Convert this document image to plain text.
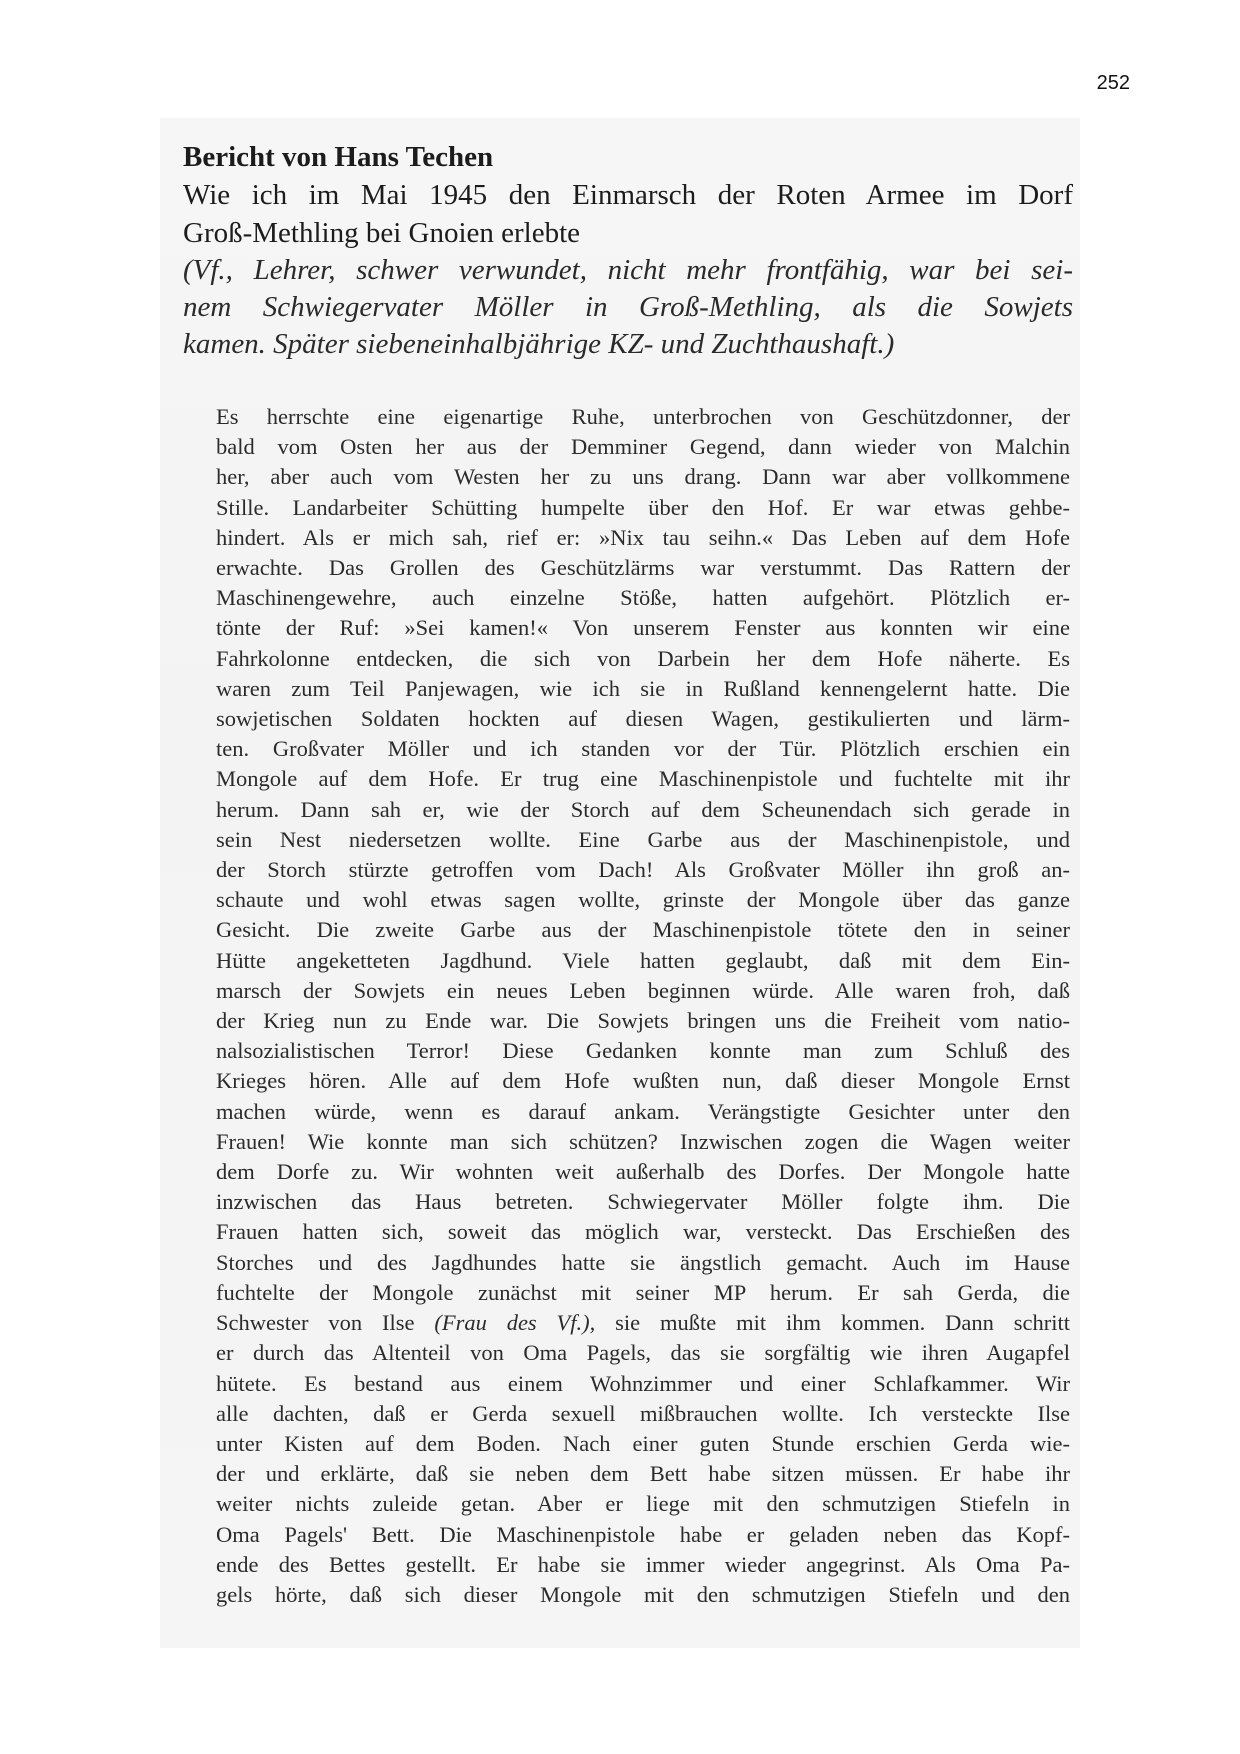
252

Bericht von Hans Techen

Wie ich im Mai 1945 den Einmarsch der Roten Armee im Dorf
Groß-Methling bei Gnoien erlebte

(Vf., Lehrer, schwer verwundet, nicht mehr frontfähig, war bei sei-
nem Schwiegervater Möller in Groß-Methling, als die Sowjets
kamen. Später siebeneinhalbjährige KZ- und Zuchthaushaft.)

Es herrschte eine eigenartige Ruhe, unterbrochen von Geschützdonner, der
bald vom Osten her aus der Demminer Gegend, dann wieder von Malchin
her, aber auch vom Westen her zu uns drang. Dann war aber vollkommene
Stille. Landarbeiter Schütting humpelte über den Hof. Er war etwas gehbe-
hindert. Als er mich sah, rief er: »Nix tau seihn.« Das Leben auf dem Hofe
erwachte. Das Grollen des Geschützlärms war verstummt. Das Rattern der
Maschinengewehre, auch einzelne Stöße, hatten aufgehört. Plötzlich er-
tönte der Ruf: »Sei kamen!« Von unserem Fenster aus konnten wir eine
Fahrkolonne entdecken, die sich von Darbein her dem Hofe näherte. Es
waren zum Teil Panjewagen, wie ich sie in Rußland kennengelernt hatte. Die
sowjetischen Soldaten hockten auf diesen Wagen, gestikulierten und lärm-
ten. Großvater Möller und ich standen vor der Tür. Plötzlich erschien ein
Mongole auf dem Hofe. Er trug eine Maschinenpistole und fuchtelte mit ihr
herum. Dann sah er, wie der Storch auf dem Scheunendach sich gerade in
sein Nest niedersetzen wollte. Eine Garbe aus der Maschinenpistole, und
der Storch stürzte getroffen vom Dach! Als Großvater Möller ihn groß an-
schaute und wohl etwas sagen wollte, grinste der Mongole über das ganze
Gesicht. Die zweite Garbe aus der Maschinenpistole tötete den in seiner
Hütte angeketteten Jagdhund. Viele hatten geglaubt, daß mit dem Ein-
marsch der Sowjets ein neues Leben beginnen würde. Alle waren froh, daß
der Krieg nun zu Ende war. Die Sowjets bringen uns die Freiheit vom natio-
nalsozialistischen Terror! Diese Gedanken konnte man zum Schluß des
Krieges hören. Alle auf dem Hofe wußten nun, daß dieser Mongole Ernst
machen würde, wenn es darauf ankam. Verängstigte Gesichter unter den
Frauen! Wie konnte man sich schützen? Inzwischen zogen die Wagen weiter
dem Dorfe zu. Wir wohnten weit außerhalb des Dorfes. Der Mongole hatte
inzwischen das Haus betreten. Schwiegervater Möller folgte ihm. Die
Frauen hatten sich, soweit das möglich war, versteckt. Das Erschießen des
Storches und des Jagdhundes hatte sie ängstlich gemacht. Auch im Hause
fuchtelte der Mongole zunächst mit seiner MP herum. Er sah Gerda, die
Schwester von Ilse (Frau des Vf.), sie mußte mit ihm kommen. Dann schritt
er durch das Altenteil von Oma Pagels, das sie sorgfältig wie ihren Augapfel
hütete. Es bestand aus einem Wohnzimmer und einer Schlafkammer. Wir
alle dachten, daß er Gerda sexuell mißbrauchen wollte. Ich versteckte Ilse
unter Kisten auf dem Boden. Nach einer guten Stunde erschien Gerda wie-
der und erklärte, daß sie neben dem Bett habe sitzen müssen. Er habe ihr
weiter nichts zuleide getan. Aber er liege mit den schmutzigen Stiefeln in
Oma Pagels' Bett. Die Maschinenpistole habe er geladen neben das Kopf-
ende des Bettes gestellt. Er habe sie immer wieder angegrinst. Als Oma Pa-
gels hörte, daß sich dieser Mongole mit den schmutzigen Stiefeln und den
